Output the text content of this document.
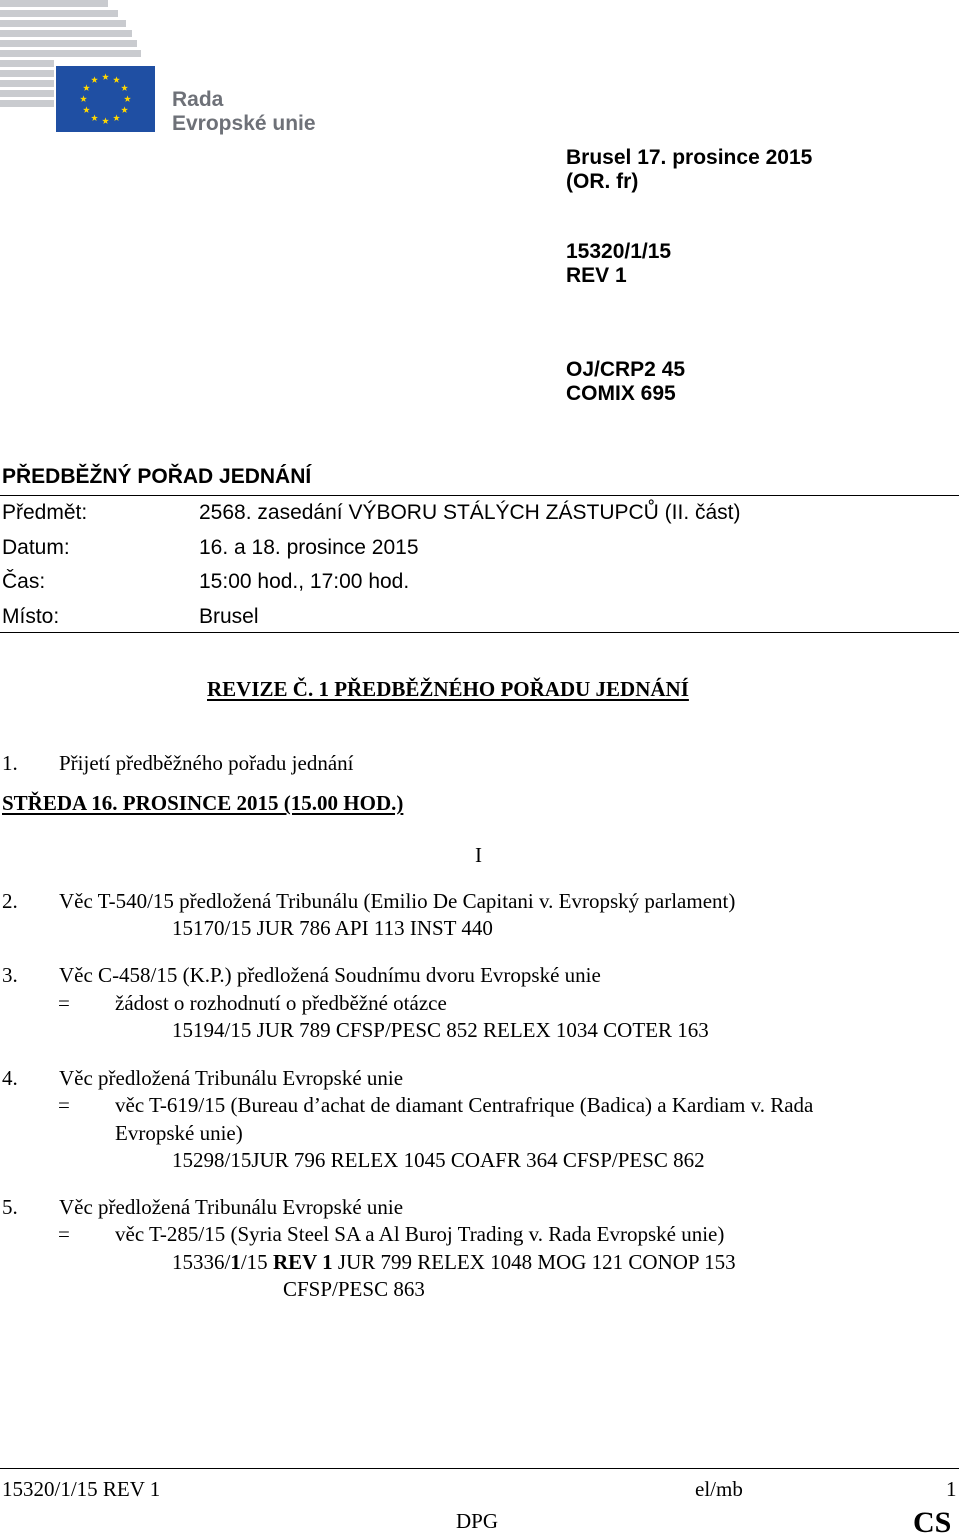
Rada
Evropské unie
Brusel 17. prosince 2015
(OR. fr)
15320/1/15
REV 1
OJ/CRP2 45
COMIX 695
PŘEDBĚŽNÝ POŘAD JEDNÁNÍ
Předmět:	2568. zasedání VÝBORU STÁLÝCH ZÁSTUPCŮ (II. část)
Datum:	16. a 18. prosince 2015
Čas:	15:00 hod., 17:00 hod.
Místo:	Brusel
REVIZE Č. 1 PŘEDBĚŽNÉHO POŘADU JEDNÁNÍ
1. Přijetí předběžného pořadu jednání
STŘEDA 16. PROSINCE 2015 (15.00 HOD.)
I
2. Věc T-540/15 předložená Tribunálu (Emilio De Capitani v. Evropský parlament)
15170/15 JUR 786 API 113 INST 440
3. Věc C-458/15 (K.P.) předložená Soudnímu dvoru Evropské unie
= žádost o rozhodnutí o předběžné otázce
15194/15 JUR 789 CFSP/PESC 852 RELEX 1034 COTER 163
4. Věc předložená Tribunálu Evropské unie
= věc T-619/15 (Bureau d’achat de diamant Centrafrique (Badica) a Kardiam v. Rada
Evropské unie)
15298/15JUR 796 RELEX 1045 COAFR 364 CFSP/PESC 862
5. Věc předložená Tribunálu Evropské unie
= věc T-285/15 (Syria Steel SA a Al Buroj Trading v. Rada Evropské unie)
15336/1/15 REV 1 JUR 799 RELEX 1048 MOG 121 CONOP 153
CFSP/PESC 863
15320/1/15 REV 1	el/mb	1
DPG	CS
